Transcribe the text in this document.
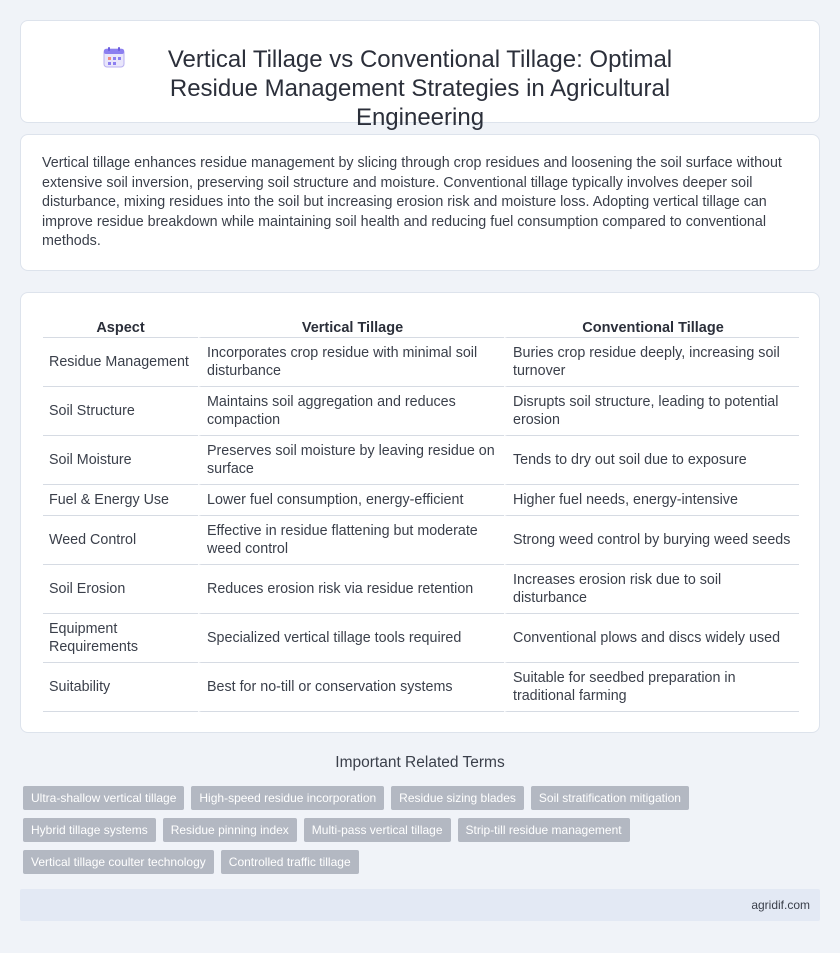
Vertical Tillage vs Conventional Tillage: Optimal Residue Management Strategies in Agricultural Engineering

Vertical tillage enhances residue management by slicing through crop residues and loosening the soil surface without extensive soil inversion, preserving soil structure and moisture. Conventional tillage typically involves deeper soil disturbance, mixing residues into the soil but increasing erosion risk and moisture loss. Adopting vertical tillage can improve residue breakdown while maintaining soil health and reducing fuel consumption compared to conventional methods.

Aspect	Vertical Tillage	Conventional Tillage
Residue Management	Incorporates crop residue with minimal soil disturbance	Buries crop residue deeply, increasing soil turnover
Soil Structure	Maintains soil aggregation and reduces compaction	Disrupts soil structure, leading to potential erosion
Soil Moisture	Preserves soil moisture by leaving residue on surface	Tends to dry out soil due to exposure
Fuel & Energy Use	Lower fuel consumption, energy-efficient	Higher fuel needs, energy-intensive
Weed Control	Effective in residue flattening but moderate weed control	Strong weed control by burying weed seeds
Soil Erosion	Reduces erosion risk via residue retention	Increases erosion risk due to soil disturbance
Equipment Requirements	Specialized vertical tillage tools required	Conventional plows and discs widely used
Suitability	Best for no-till or conservation systems	Suitable for seedbed preparation in traditional farming
Important Related Terms
Ultra-shallow vertical tillage	High-speed residue incorporation	Residue sizing blades	Soil stratification mitigation
Hybrid tillage systems	Residue pinning index	Multi-pass vertical tillage	Strip-till residue management
Vertical tillage coulter technology	Controlled traffic tillage
agridif.com
